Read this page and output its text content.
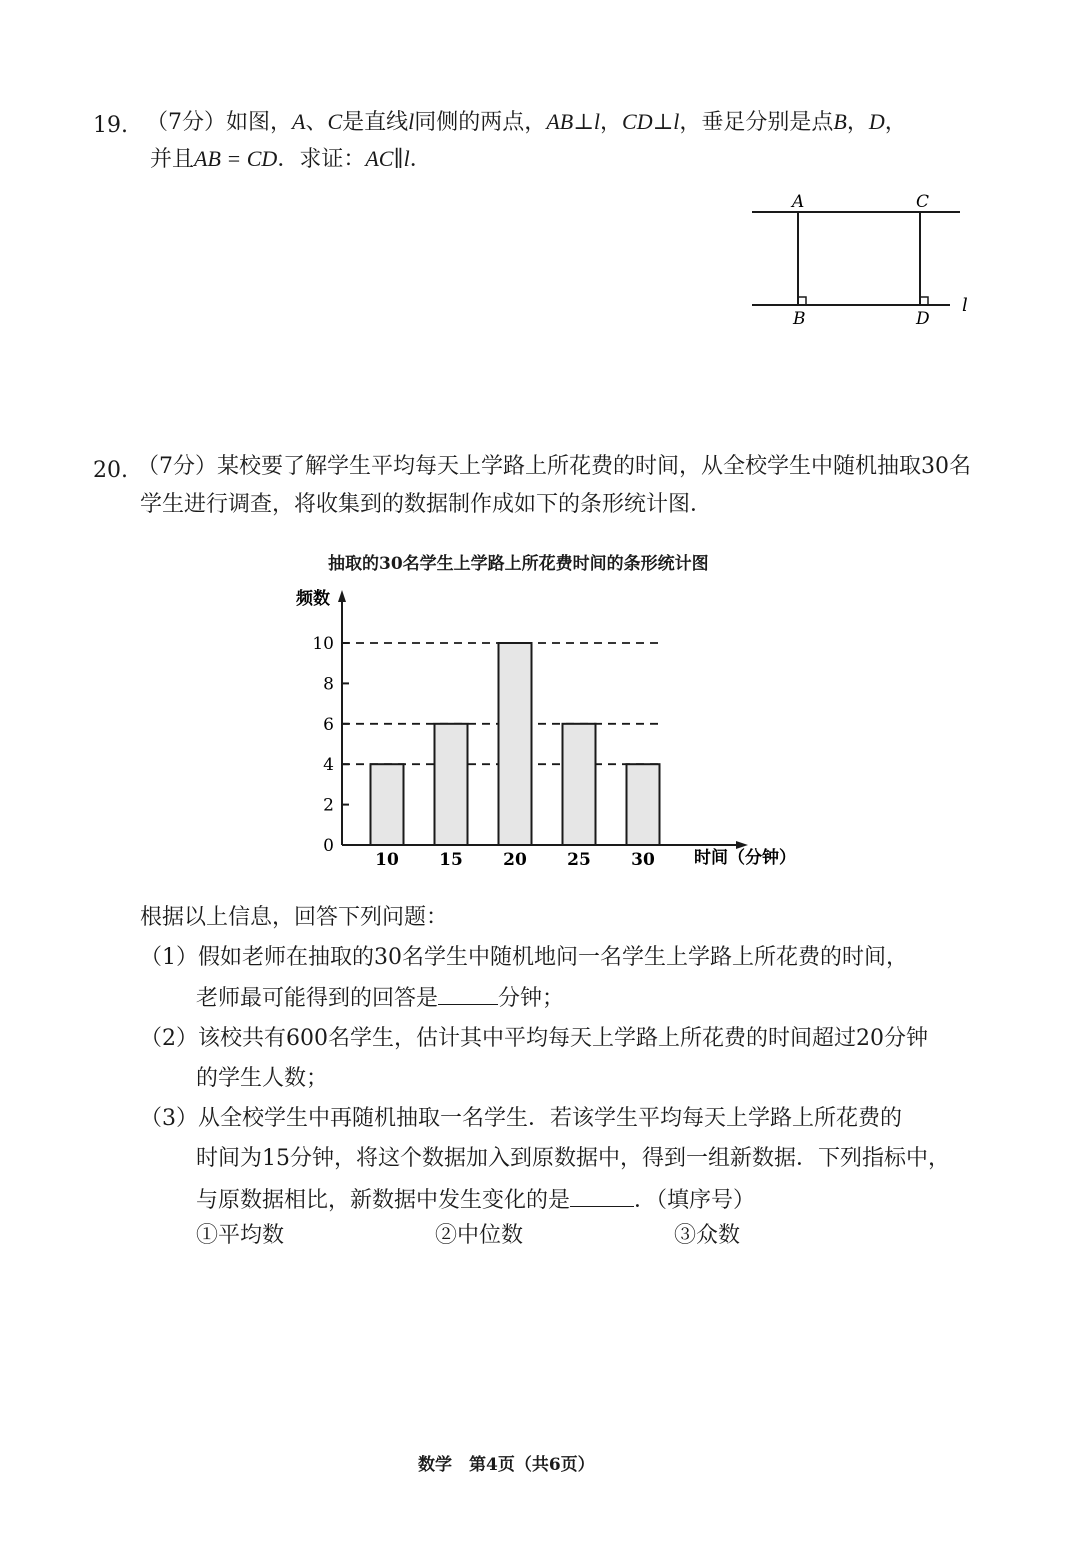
19. （7分）如图，A、C是直线l同侧的两点，AB⊥l，CD⊥l，垂足分别是点B，D，
并且AB = CD．求证：AC∥l．
A	C
B	D
l
20. （7分）某校要了解学生平均每天上学路上所花费的时间，从全校学生中随机抽取30名
学生进行调查，将收集到的数据制作成如下的条形统计图．
抽取的30名学生上学路上所花费时间的条形统计图
0
2
4
6
8
10
10 15 20 25 30 时间（分钟）
频数
根据以上信息，回答下列问题：
（1）假如老师在抽取的30名学生中随机地问一名学生上学路上所花费的时间，
老师最可能得到的回答是	分钟；
（2）该校共有600名学生，估计其中平均每天上学路上所花费的时间超过20分钟
的学生人数；
（3）从全校学生中再随机抽取一名学生．若该学生平均每天上学路上所花费的
时间为15分钟，将这个数据加入到原数据中，得到一组新数据．下列指标中，
与原数据相比，新数据中发生变化的是	．（填序号）
①平均数	②中位数	③众数
数学　第4页（共6页）
